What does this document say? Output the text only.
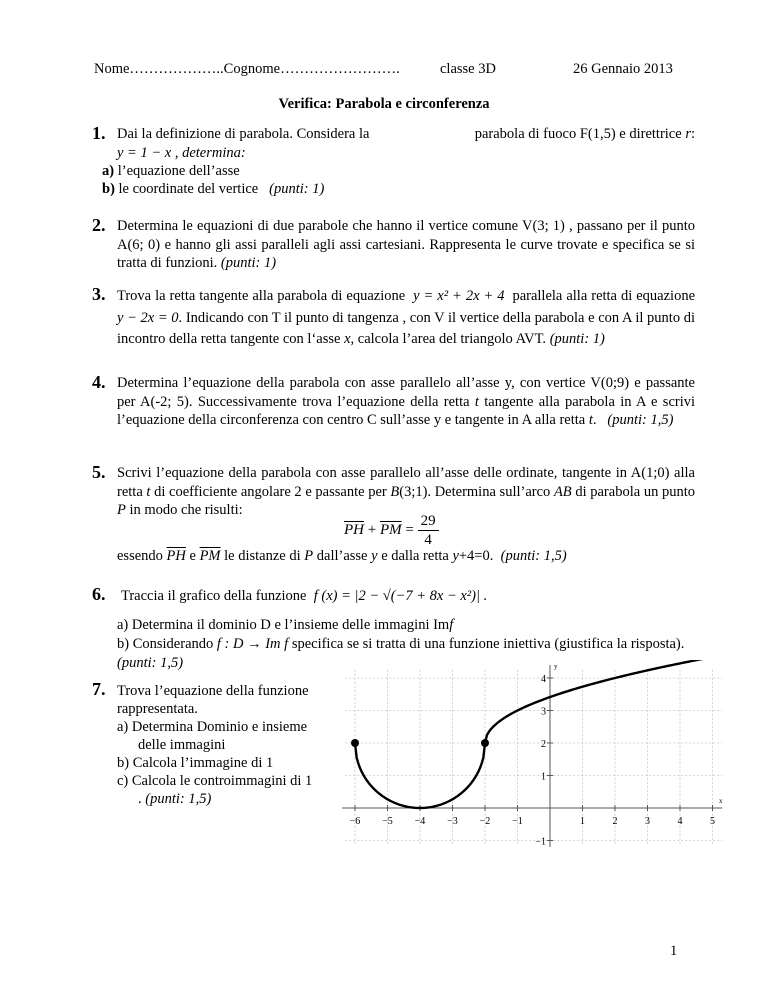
Nome………………..Cognome…………………….	classe 3D	26 Gennaio 2013
Verifica: Parabola e circonferenza
1. Dai la definizione di parabola. Considera la	parabola di fuoco F(1,5) e direttrice r:
y = 1 − x , determina:
a) l’equazione dell’asse
b) le coordinate del vertice (punti: 1)
2. Determina le equazioni di due parabole che hanno il vertice comune V(3; 1) , passano per il punto A(6; 0) e hanno gli assi paralleli agli assi cartesiani. Rappresenta le curve trovate e specifica se si tratta di funzioni. (punti: 1)

3. Trova la retta tangente alla parabola di equazione y = x² + 2x + 4 parallela alla retta di equazione y − 2x = 0. Indicando con T il punto di tangenza , con V il vertice della parabola e con A il punto di incontro della retta tangente con l‘asse x, calcola l’area del triangolo AVT. (punti: 1)

4. Determina l’equazione della parabola con asse parallelo all’asse y, con vertice V(0;9) e passante per A(-2; 5). Successivamente trova l’equazione della retta t tangente alla parabola in A e scrivi l’equazione della circonferenza con centro C sull’asse y e tangente in A alla retta t. (punti: 1,5)

5. Scrivi l’equazione della parabola con asse parallelo all’asse delle ordinate, tangente in A(1;0) alla retta t di coefficiente angolare 2 e passante per B(3;1). Determina sull’arco AB di parabola un punto P in modo che risulti:

$\overline{PH} + \overline{PM} = \frac{29}{4}$
essendo $\overline{PH}$ e $\overline{PM}$ le distanze di P dall’asse y e dalla retta y+4=0. (punti: 1,5)
6. Traccia il grafico della funzione f (x) = |2 − √(−7 + 8x − x²)| .
a) Determina il dominio D e l’insieme delle immagini Imf
b) Considerando f : D → Im f specifica se si tratta di una funzione iniettiva (giustifica la risposta). (punti: 1,5)
7. Trova l’equazione della funzione
rappresentata.
a) Determina Dominio e insieme
delle immagini
b) Calcola l’immagine di 1
c) Calcola le controimmagini di 1
. (punti: 1,5)
−6 −5 −4 −3 −2 −1	1	2	3	4	5
1
2
3
4
−1
x
y
1
